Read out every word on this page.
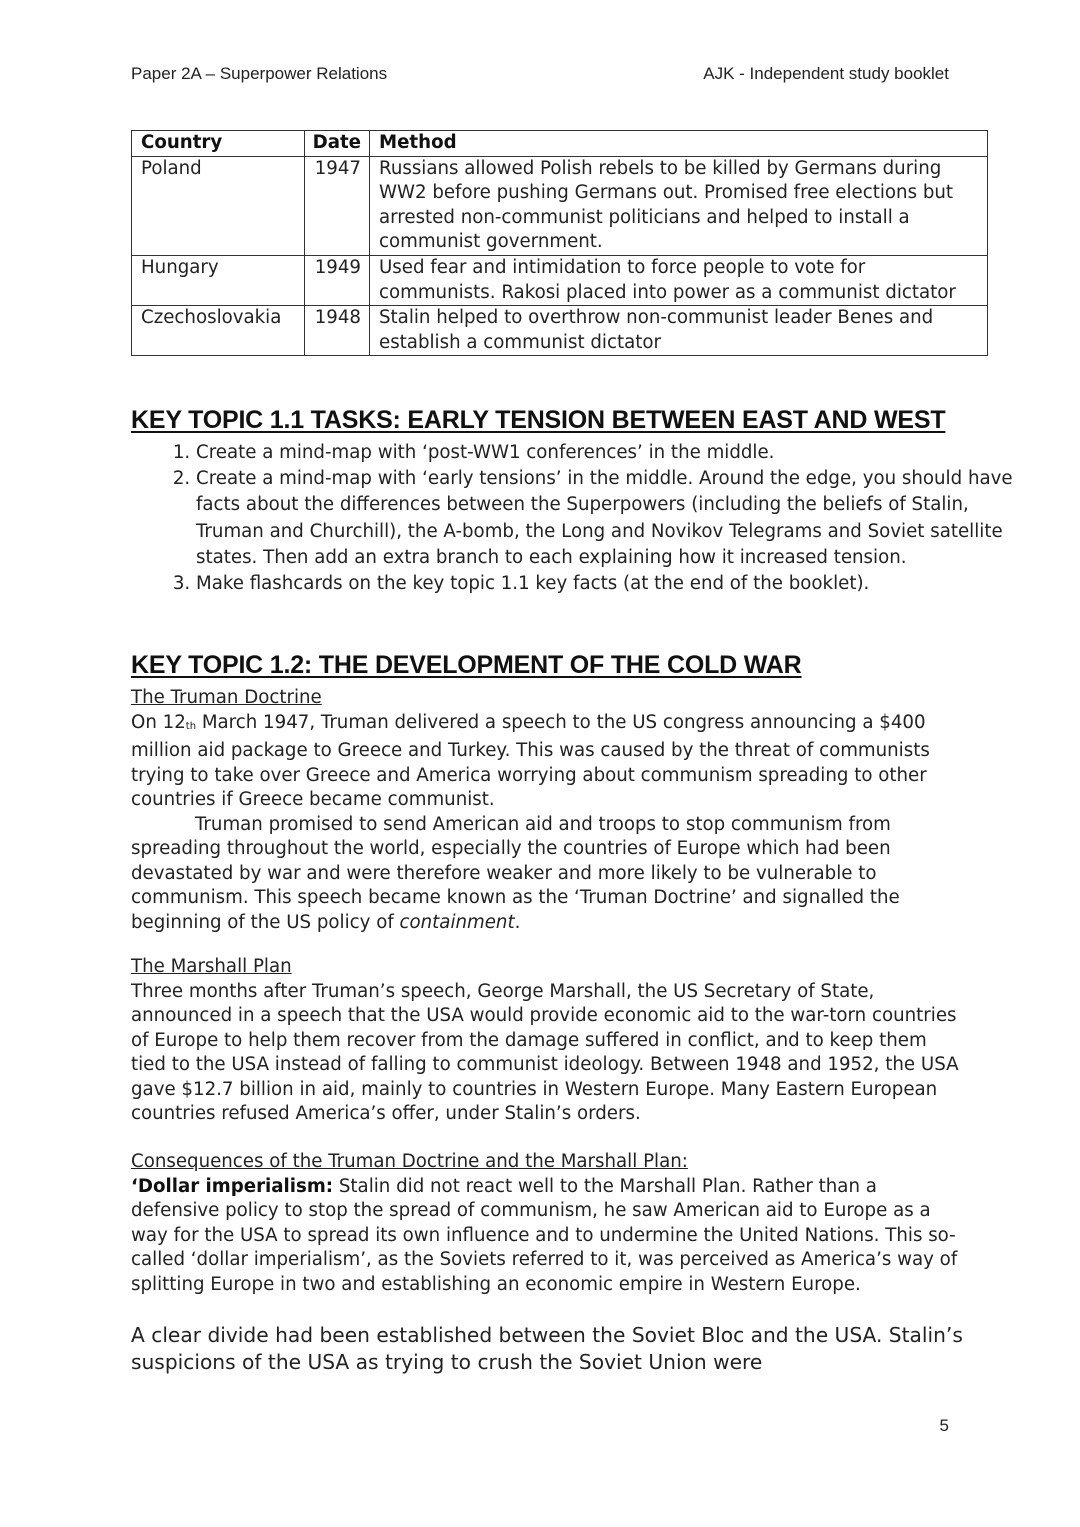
Paper 2A – Superpower Relations	AJK - Independent study booklet
Country	Date	Method
Poland	1947	Russians allowed Polish rebels to be killed by Germans during WW2 before pushing Germans out. Promised free elections but arrested non-communist politicians and helped to install a communist government.
Hungary	1949	Used fear and intimidation to force people to vote for communists. Rakosi placed into power as a communist dictator
Czechoslovakia	1948	Stalin helped to overthrow non-communist leader Benes and establish a communist dictator
KEY TOPIC 1.1 TASKS: EARLY TENSION BETWEEN EAST AND WEST
1. Create a mind-map with ‘post-WW1 conferences’ in the middle.
2. Create a mind-map with ‘early tensions’ in the middle. Around the edge, you should have facts about the differences between the Superpowers (including the beliefs of Stalin, Truman and Churchill), the A-bomb, the Long and Novikov Telegrams and Soviet satellite states. Then add an extra branch to each explaining how it increased tension.
3. Make flashcards on the key topic 1.1 key facts (at the end of the booklet).
KEY TOPIC 1.2: THE DEVELOPMENT OF THE COLD WAR

The Truman Doctrine

On $12_{th}$ March 1947, Truman delivered a speech to the US congress announcing a $400 million aid package to Greece and Turkey. This was caused by the threat of communists trying to take over Greece and America worrying about communism spreading to other countries if Greece became communist.

Truman promised to send American aid and troops to stop communism from spreading throughout the world, especially the countries of Europe which had been devastated by war and were therefore weaker and more likely to be vulnerable to communism. This speech became known as the ‘Truman Doctrine’ and signalled the beginning of the US policy of containment.

The Marshall Plan

Three months after Truman’s speech, George Marshall, the US Secretary of State, announced in a speech that the USA would provide economic aid to the war-torn countries of Europe to help them recover from the damage suffered in conflict, and to keep them tied to the USA instead of falling to communist ideology. Between 1948 and 1952, the USA gave $12.7 billion in aid, mainly to countries in Western Europe. Many Eastern European countries refused America’s offer, under Stalin’s orders.

Consequences of the Truman Doctrine and the Marshall Plan:

‘Dollar imperialism: Stalin did not react well to the Marshall Plan. Rather than a defensive policy to stop the spread of communism, he saw American aid to Europe as a way for the USA to spread its own influence and to undermine the United Nations. This so-called ‘dollar imperialism’, as the Soviets referred to it, was perceived as America’s way of splitting Europe in two and establishing an economic empire in Western Europe.

A clear divide had been established between the Soviet Bloc and the USA. Stalin’s suspicions of the USA as trying to crush the Soviet Union were

5
